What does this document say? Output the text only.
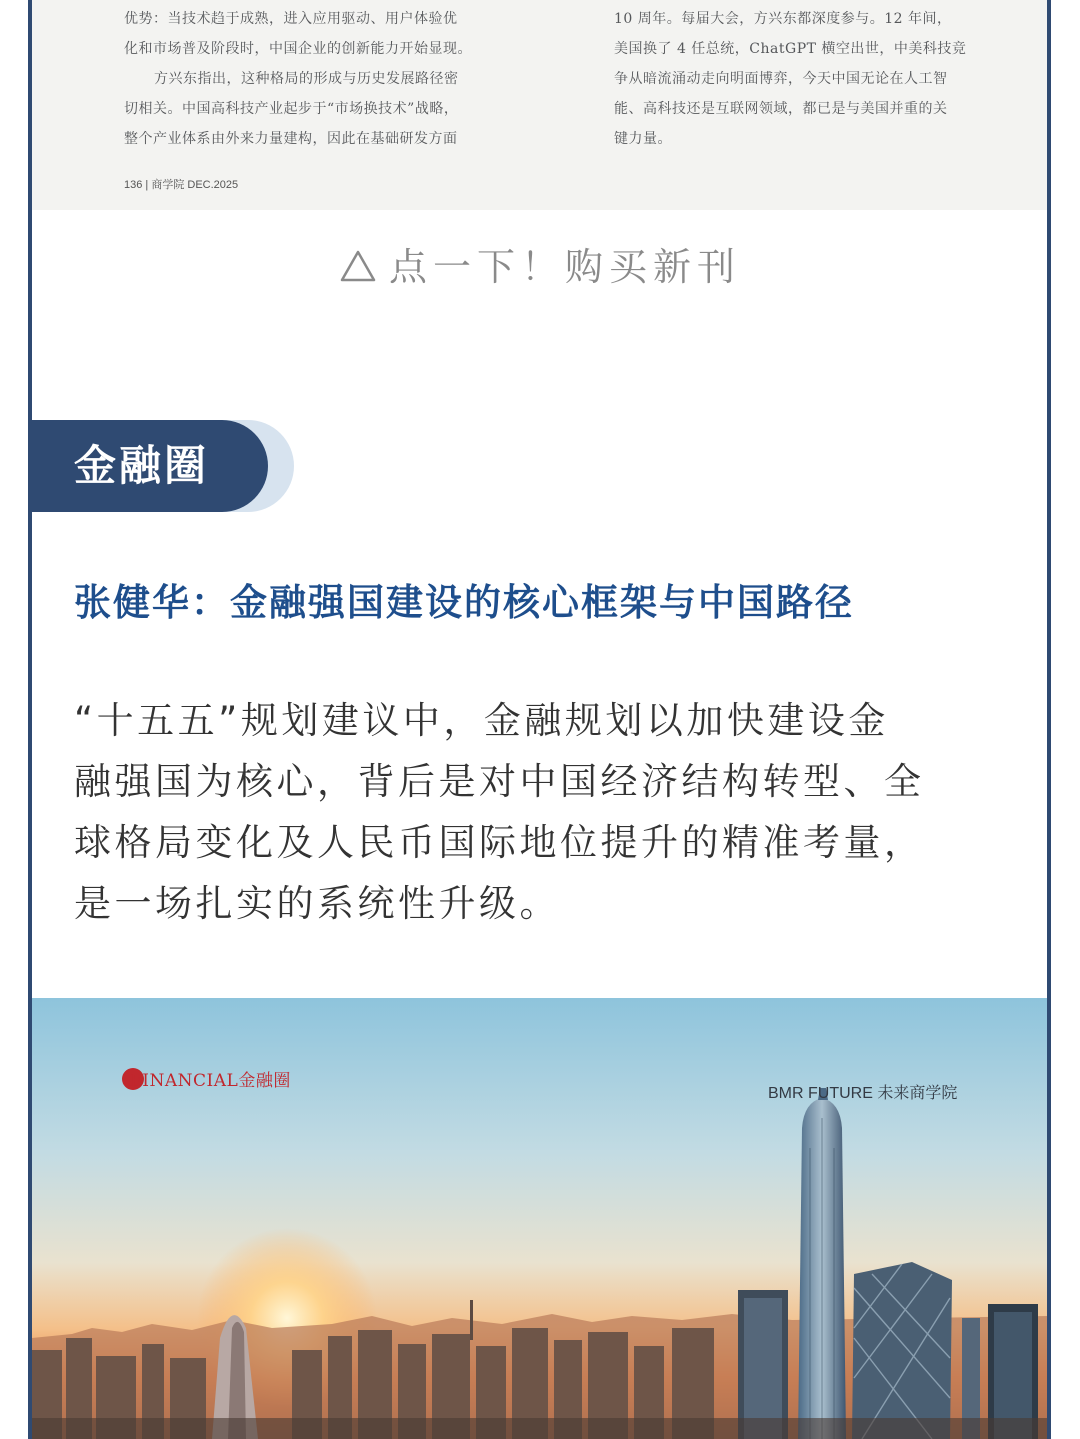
优势：当技术趋于成熟，进入应用驱动、用户体验优
化和市场普及阶段时，中国企业的创新能力开始显现。
方兴东指出，这种格局的形成与历史发展路径密
切相关。中国高科技产业起步于“市场换技术”战略，
整个产业体系由外来力量建构，因此在基础研发方面
10 周年。每届大会，方兴东都深度参与。12 年间，
美国换了 4 任总统，ChatGPT 横空出世，中美科技竞
争从暗流涌动走向明面博弈，今天中国无论在人工智
能、高科技还是互联网领域，都已是与美国并重的关
键力量。
136 | 商学院 DEC.2025
点一下！购买新刊
金融圈
张健华：金融强国建设的核心框架与中国路径
“十五五”规划建议中，金融规划以加快建设金
融强国为核心，背后是对中国经济结构转型、全
球格局变化及人民币国际地位提升的精准考量，
是一场扎实的系统性升级。
FINANCIAL金融圈
BMR FUTURE 未来商学院
